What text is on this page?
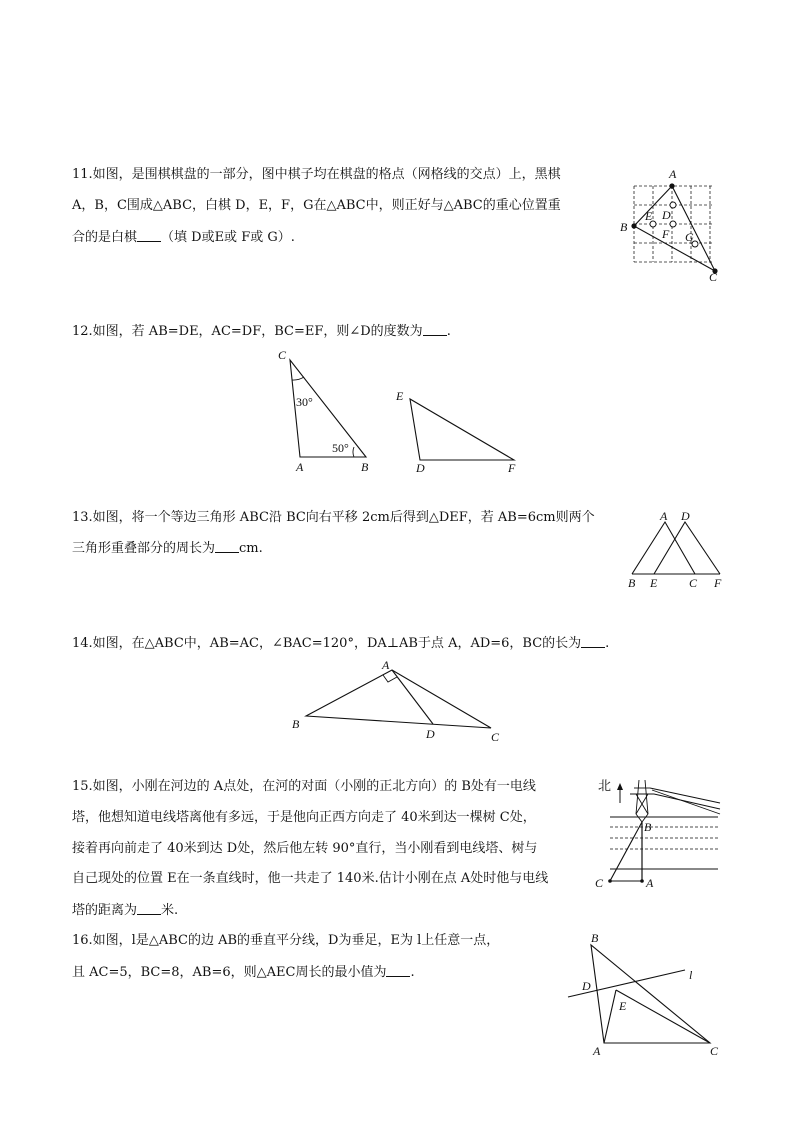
11.如图，是围棋棋盘的一部分，图中棋子均在棋盘的格点（网格线的交点）上，黑棋
A，B，C围成△ABC，白棋 D，E，F，G在△ABC中，则正好与△ABC的重心位置重
合的是白棋 （填 D或E或 F或 G）.
A
B
C
D
E
F G
12.如图，若 AB=DE，AC=DF，BC=EF，则∠D的度数为 .
C
A	B
30°
50°
E
D	F
13.如图，将一个等边三角形 ABC沿 BC向右平移 2cm后得到△DEF，若 AB=6cm则两个
三角形重叠部分的周长为 cm.
A D
B E	C F
14.如图，在△ABC中，AB=AC，∠BAC=120°，DA⊥AB于点 A，AD=6，BC的长为 .
A
B
D	C
15.如图，小刚在河边的 A点处，在河的对面（小刚的正北方向）的 B处有一电线
塔，他想知道电线塔离他有多远，于是他向正西方向走了 40米到达一棵树 C处，
接着再向前走了 40米到达 D处，然后他左转 90°直行，当小刚看到电线塔、树与
自己现处的位置 E在一条直线时，他一共走了 140米.估计小刚在点 A处时他与电线
塔的距离为 米.
北
B
C	A
16.如图，l是△ABC的边 AB的垂直平分线，D为垂足，E为 l上任意一点，
且 AC=5，BC=8，AB=6，则△AEC周长的最小值为 .
B
l
D
E
A	C
